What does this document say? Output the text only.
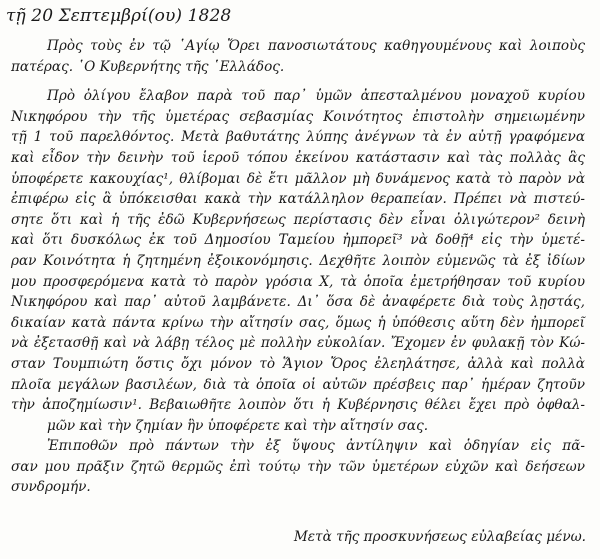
τῇ 20 Σεπτεμβρί(ου) 1828
Πρὸς τοὺς ἐν τῷ ῾Αγίῳ Ὄρει πανοσιωτάτους καθηγουμένους καὶ λοιποὺς
πατέρας. ῾Ο Κυβερνήτης τῆς ῾Ελλάδος.
Πρὸ ὀλίγου ἔλαβον παρὰ τοῦ παρ᾽ ὑμῶν ἀπεσταλμένου μοναχοῦ κυρίου
Νικηφόρου τὴν τῆς ὑμετέρας σεβασμίας Κοινότητος ἐπιστολὴν σημειωμένην
τῇ 1 τοῦ παρελθόντος. Μετὰ βαθυτάτης λύπης ἀνέγνων τὰ ἐν αὐτῇ γραφόμενα
καὶ εἶδον τὴν δεινὴν τοῦ ἱεροῦ τόπου ἐκείνου κατάστασιν καὶ τὰς πολλὰς ἃς
ὑποφέρετε κακουχίας¹, θλίβομαι δὲ ἔτι μᾶλλον μὴ δυνάμενος κατὰ τὸ παρὸν νὰ
ἐπιφέρω εἰς ἃ ὑπόκεισθαι κακὰ τὴν κατάλληλον θεραπείαν. Πρέπει νὰ πιστεύ-
σητε ὅτι καὶ ἡ τῆς ἐδῶ Κυβερνήσεως περίστασις δὲν εἶναι ὀλιγώτερον² δεινὴ
καὶ ὅτι δυσκόλως ἐκ τοῦ Δημοσίου Ταμείου ἠμπορεῖ³ νὰ δοθῇ⁴ εἰς τὴν ὑμετέ-
ραν Κοινότητα ἡ ζητημένη ἐξοικονόμησις. Δεχθῆτε λοιπὸν εὐμενῶς τὰ ἐξ ἰδίων
μου προσφερόμενα κατὰ τὸ παρὸν γρόσια Χ, τὰ ὁποῖα ἐμετρήθησαν τοῦ κυρίου
Νικηφόρου καὶ παρ᾽ αὐτοῦ λαμβάνετε. Δι᾽ ὅσα δὲ ἀναφέρετε διὰ τοὺς λῃστάς,
δικαίαν κατὰ πάντα κρίνω τὴν αἴτησίν σας, ὅμως ἡ ὑπόθεσις αὕτη δὲν ἠμπορεῖ
νὰ ἐξετασθῇ καὶ νὰ λάβῃ τέλος μὲ πολλὴν εὐκολίαν. Ἔχομεν ἐν φυλακῇ τὸν Κώ-
σταν Τουμπιώτη ὅστις ὄχι μόνον τὸ Ἅγιον Ὄρος ἐλεηλάτησε, ἀλλὰ καὶ πολλὰ
πλοῖα μεγάλων βασιλέων, διὰ τὰ ὁποῖα οἱ αὐτῶν πρέσβεις παρ᾽ ἡμέραν ζητοῦν
τὴν ἀποζημίωσιν¹. Βεβαιωθῆτε λοιπὸν ὅτι ἡ Κυβέρνησις θέλει ἔχει πρὸ ὀφθαλ-
μῶν καὶ τὴν ζημίαν ἣν ὑποφέρετε καὶ τὴν αἴτησίν σας.
Ἐπιποθῶν πρὸ πάντων τὴν ἐξ ὕψους ἀντίληψιν καὶ ὁδηγίαν εἰς πᾶ-
σαν μου πρᾶξιν ζητῶ θερμῶς ἐπὶ τούτῳ τὴν τῶν ὑμετέρων εὐχῶν καὶ δεήσεων
συνδρομήν.
Μετὰ τῆς προσκυνήσεως εὐλαβείας μένω.
